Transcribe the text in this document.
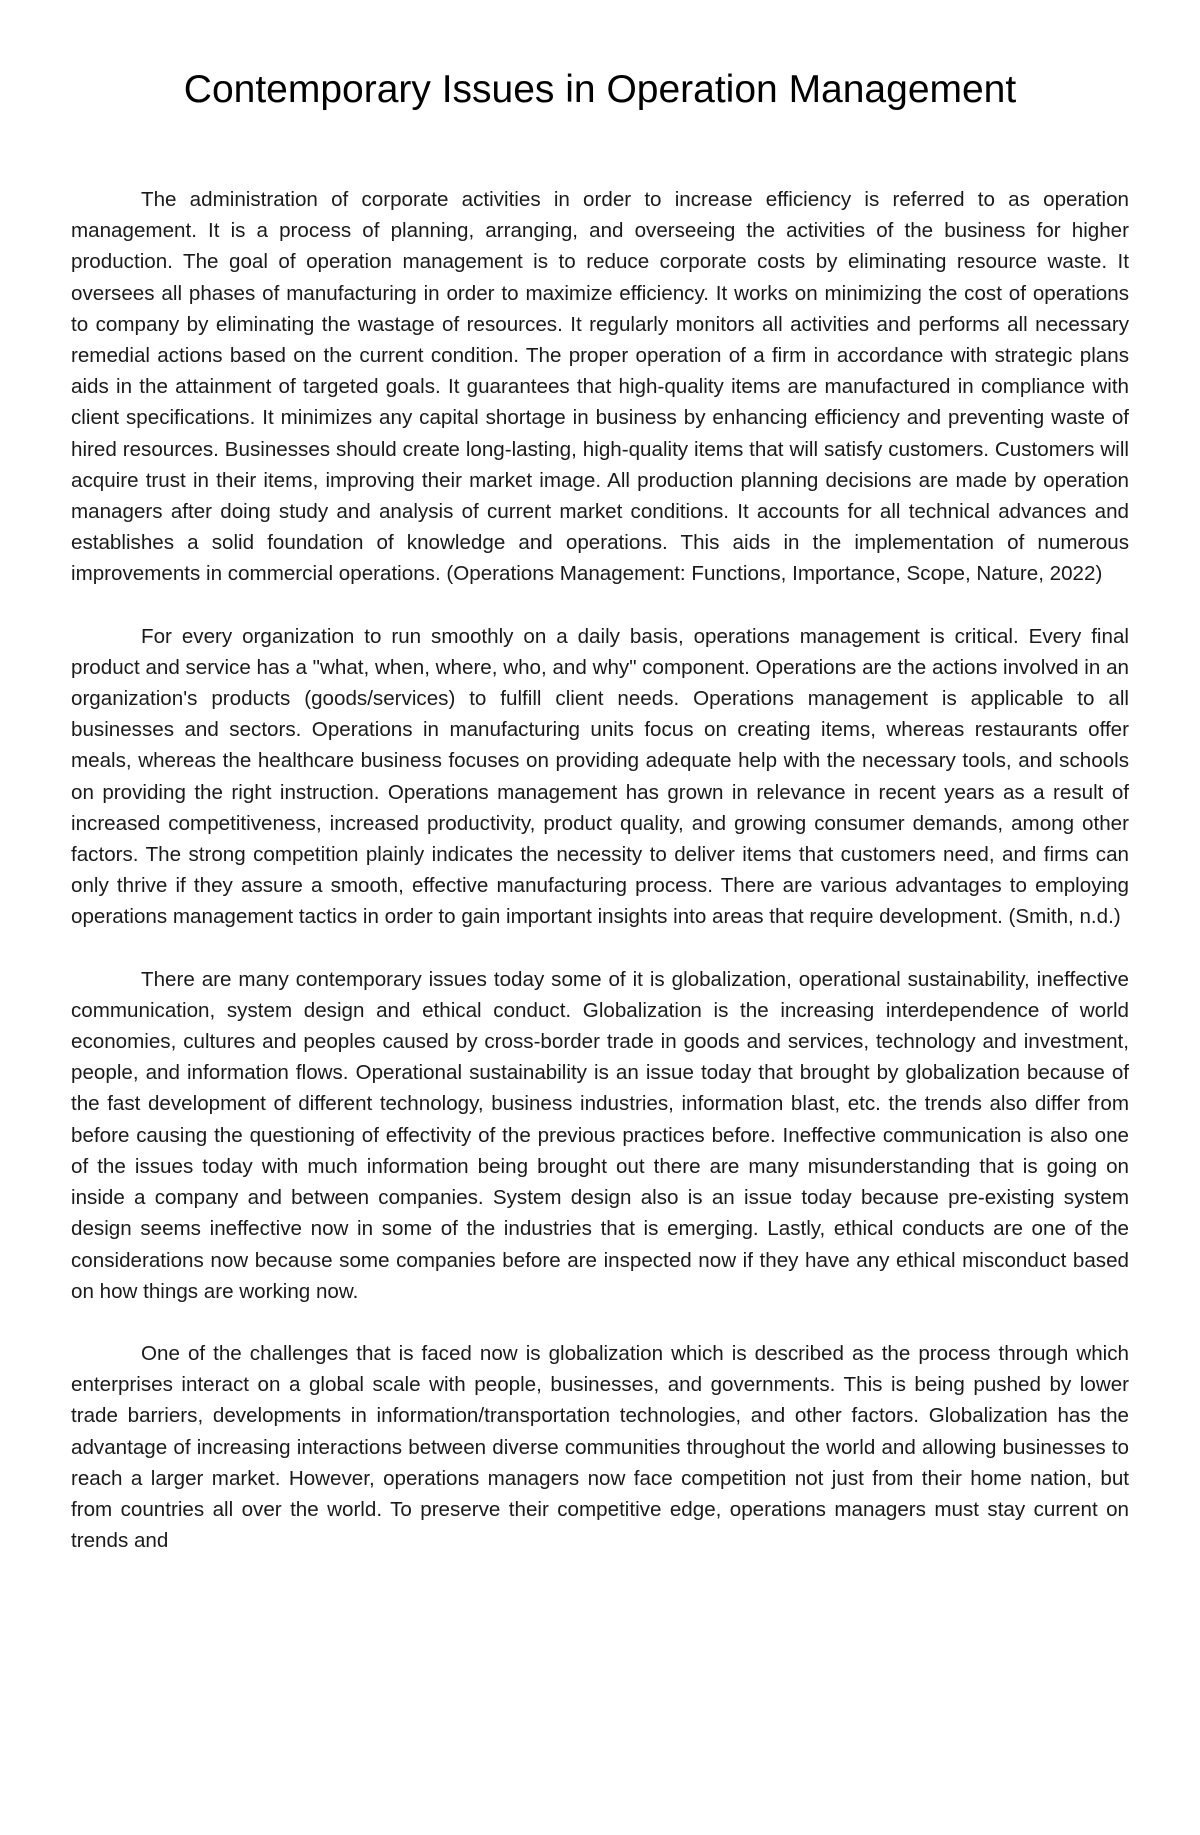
Contemporary Issues in Operation Management

The administration of corporate activities in order to increase efficiency is referred to as operation management. It is a process of planning, arranging, and overseeing the activities of the business for higher production. The goal of operation management is to reduce corporate costs by eliminating resource waste. It oversees all phases of manufacturing in order to maximize efficiency. It works on minimizing the cost of operations to company by eliminating the wastage of resources. It regularly monitors all activities and performs all necessary remedial actions based on the current condition. The proper operation of a firm in accordance with strategic plans aids in the attainment of targeted goals. It guarantees that high-quality items are manufactured in compliance with client specifications. It minimizes any capital shortage in business by enhancing efficiency and preventing waste of hired resources. Businesses should create long-lasting, high-quality items that will satisfy customers. Customers will acquire trust in their items, improving their market image. All production planning decisions are made by operation managers after doing study and analysis of current market conditions. It accounts for all technical advances and establishes a solid foundation of knowledge and operations. This aids in the implementation of numerous improvements in commercial operations. (Operations Management: Functions, Importance, Scope, Nature, 2022)

For every organization to run smoothly on a daily basis, operations management is critical. Every final product and service has a "what, when, where, who, and why" component. Operations are the actions involved in an organization's products (goods/services) to fulfill client needs. Operations management is applicable to all businesses and sectors. Operations in manufacturing units focus on creating items, whereas restaurants offer meals, whereas the healthcare business focuses on providing adequate help with the necessary tools, and schools on providing the right instruction. Operations management has grown in relevance in recent years as a result of increased competitiveness, increased productivity, product quality, and growing consumer demands, among other factors. The strong competition plainly indicates the necessity to deliver items that customers need, and firms can only thrive if they assure a smooth, effective manufacturing process. There are various advantages to employing operations management tactics in order to gain important insights into areas that require development. (Smith, n.d.)

There are many contemporary issues today some of it is globalization, operational sustainability, ineffective communication, system design and ethical conduct. Globalization is the increasing interdependence of world economies, cultures and peoples caused by cross-border trade in goods and services, technology and investment, people, and information flows. Operational sustainability is an issue today that brought by globalization because of the fast development of different technology, business industries, information blast, etc. the trends also differ from before causing the questioning of effectivity of the previous practices before. Ineffective communication is also one of the issues today with much information being brought out there are many misunderstanding that is going on inside a company and between companies. System design also is an issue today because pre-existing system design seems ineffective now in some of the industries that is emerging. Lastly, ethical conducts are one of the considerations now because some companies before are inspected now if they have any ethical misconduct based on how things are working now.

One of the challenges that is faced now is globalization which is described as the process through which enterprises interact on a global scale with people, businesses, and governments. This is being pushed by lower trade barriers, developments in information/transportation technologies, and other factors. Globalization has the advantage of increasing interactions between diverse communities throughout the world and allowing businesses to reach a larger market. However, operations managers now face competition not just from their home nation, but from countries all over the world. To preserve their competitive edge, operations managers must stay current on trends and
